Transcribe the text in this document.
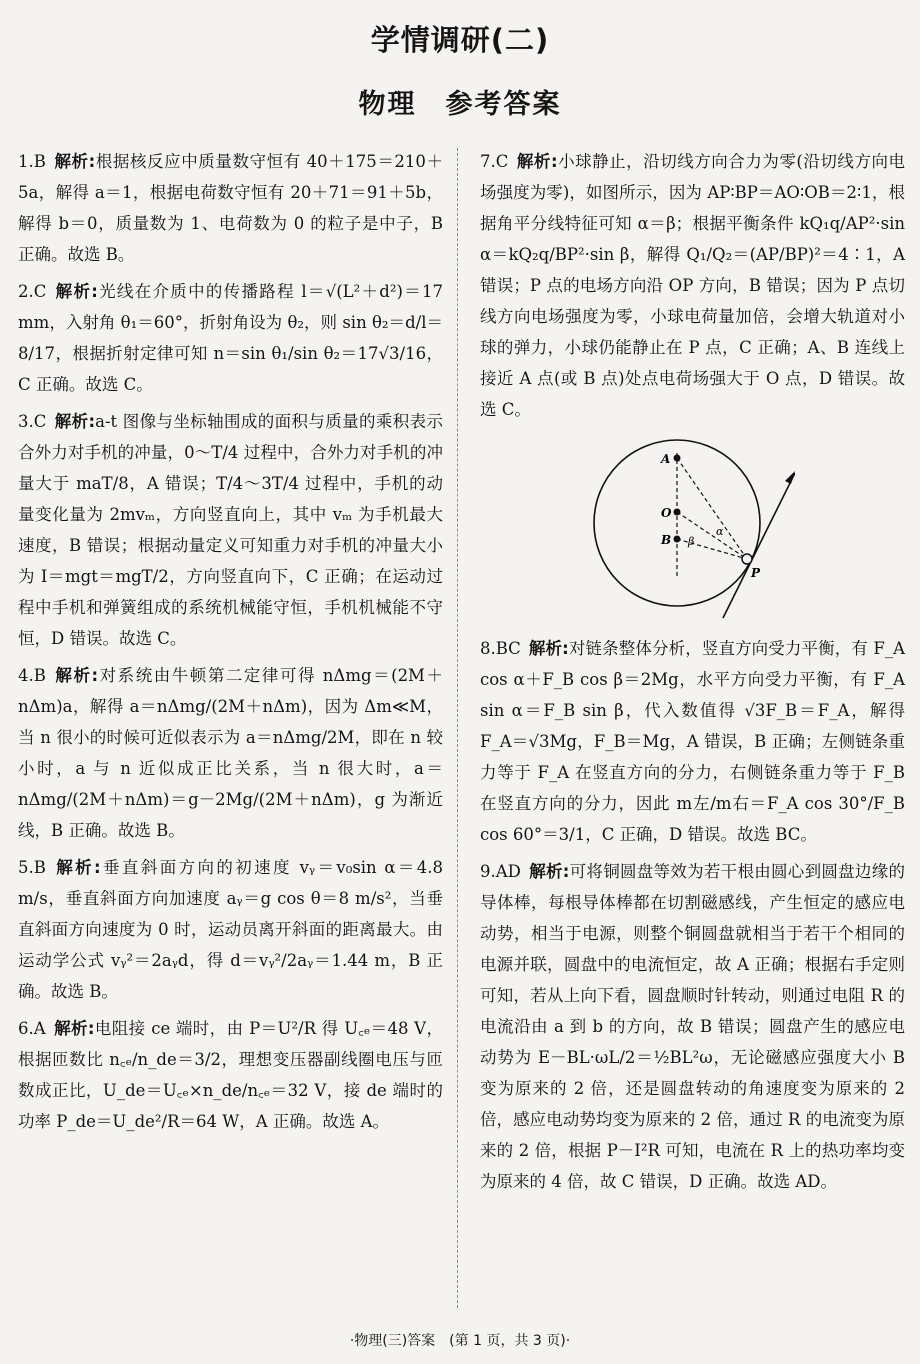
学情调研(二)
物理　参考答案

1.B 解析:根据核反应中质量数守恒有 40＋175＝210＋5a，解得 a＝1，根据电荷数守恒有 20＋71＝91＋5b，解得 b＝0，质量数为 1、电荷数为 0 的粒子是中子，B 正确。故选 B。

2.C 解析:光线在介质中的传播路程 l＝√(L²＋d²)＝17 mm，入射角 θ₁＝60°，折射角设为 θ₂，则 sin θ₂＝d/l＝8/17，根据折射定律可知 n＝sin θ₁/sin θ₂＝17√3/16，C 正确。故选 C。

3.C 解析:a-t 图像与坐标轴围成的面积与质量的乘积表示合外力对手机的冲量，0～T/4 过程中，合外力对手机的冲量大于 maT/8，A 错误；T/4～3T/4 过程中，手机的动量变化量为 2mvₘ，方向竖直向上，其中 vₘ 为手机最大速度，B 错误；根据动量定义可知重力对手机的冲量大小为 I＝mgt＝mgT/2，方向竖直向下，C 正确；在运动过程中手机和弹簧组成的系统机械能守恒，手机机械能不守恒，D 错误。故选 C。

4.B 解析:对系统由牛顿第二定律可得 nΔmg＝(2M＋nΔm)a，解得 a＝nΔmg/(2M＋nΔm)，因为 Δm≪M，当 n 很小的时候可近似表示为 a＝nΔmg/2M，即在 n 较小时，a 与 n 近似成正比关系，当 n 很大时，a＝nΔmg/(2M＋nΔm)＝g－2Mg/(2M＋nΔm)，g 为渐近线，B 正确。故选 B。

5.B 解析:垂直斜面方向的初速度 vᵧ＝v₀sin α＝4.8 m/s，垂直斜面方向加速度 aᵧ＝g cos θ＝8 m/s²，当垂直斜面方向速度为 0 时，运动员离开斜面的距离最大。由运动学公式 vᵧ²＝2aᵧd，得 d＝vᵧ²/2aᵧ＝1.44 m，B 正确。故选 B。

6.A 解析:电阻接 ce 端时，由 P＝U²/R 得 U꜀ₑ＝48 V，根据匝数比 n꜀ₑ/n_de＝3/2，理想变压器副线圈电压与匝数成正比，U_de＝U꜀ₑ×n_de/n꜀ₑ＝32 V，接 de 端时的功率 P_de＝U_de²/R＝64 W，A 正确。故选 A。

7.C 解析:小球静止，沿切线方向合力为零(沿切线方向电场强度为零)，如图所示，因为 AP∶BP＝AO∶OB＝2∶1，根据角平分线特征可知 α＝β；根据平衡条件 kQ₁q/AP²·sin α＝kQ₂q/BP²·sin β，解得 Q₁/Q₂＝(AP/BP)²＝4∶1，A 错误；P 点的电场方向沿 OP 方向，B 错误；因为 P 点切线方向电场强度为零，小球电荷量加倍，会增大轨道对小球的弹力，小球仍能静止在 P 点，C 正确；A、B 连线上接近 A 点(或 B 点)处点电荷场强大于 O 点，D 错误。故选 C。

A
O
B
P
α
β

8.BC 解析:对链条整体分析，竖直方向受力平衡，有 F_A cos α＋F_B cos β＝2Mg，水平方向受力平衡，有 F_A sin α＝F_B sin β，代入数值得 √3F_B＝F_A，解得 F_A＝√3Mg，F_B＝Mg，A 错误，B 正确；左侧链条重力等于 F_A 在竖直方向的分力，右侧链条重力等于 F_B 在竖直方向的分力，因此 m左/m右＝F_A cos 30°/F_B cos 60°＝3/1，C 正确，D 错误。故选 BC。

9.AD 解析:可将铜圆盘等效为若干根由圆心到圆盘边缘的导体棒，每根导体棒都在切割磁感线，产生恒定的感应电动势，相当于电源，则整个铜圆盘就相当于若干个相同的电源并联，圆盘中的电流恒定，故 A 正确；根据右手定则可知，若从上向下看，圆盘顺时针转动，则通过电阻 R 的电流沿由 a 到 b 的方向，故 B 错误；圆盘产生的感应电动势为 E－BL·ωL/2＝½BL²ω，无论磁感应强度大小 B 变为原来的 2 倍，还是圆盘转动的角速度变为原来的 2 倍，感应电动势均变为原来的 2 倍，通过 R 的电流变为原来的 2 倍，根据 P－I²R 可知，电流在 R 上的热功率均变为原来的 4 倍，故 C 错误，D 正确。故选 AD。

·物理(三)答案　(第 1 页，共 3 页)·
